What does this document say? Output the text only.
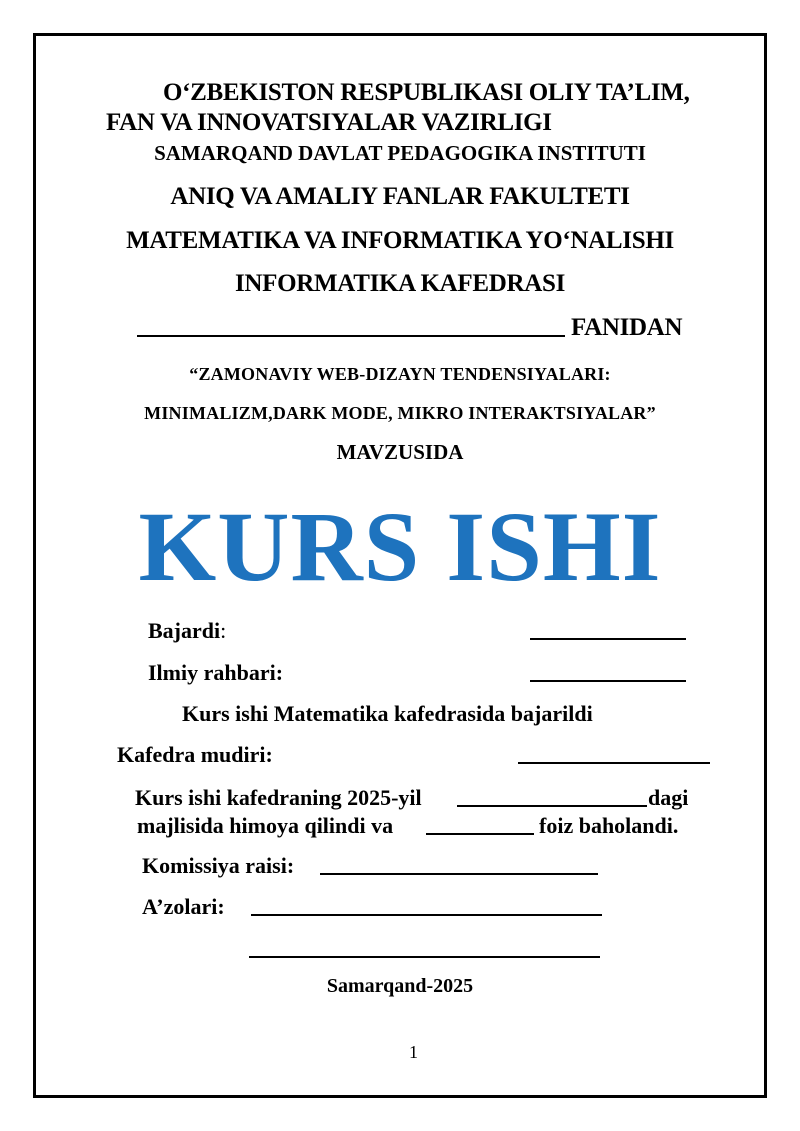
O‘ZBEKISTON RESPUBLIKASI OLIY TA’LIM,
FAN VA INNOVATSIYALAR VAZIRLIGI
SAMARQAND DAVLAT PEDAGOGIKA INSTITUTI
ANIQ VA AMALIY FANLAR FAKULTETI
MATEMATIKA VA INFORMATIKA YO‘NALISHI
INFORMATIKA KAFEDRASI
FANIDAN
“ZAMONAVIY WEB-DIZAYN TENDENSIYALARI:
MINIMALIZM,DARK MODE, MIKRO INTERAKTSIYALAR”
MAVZUSIDA
KURS ISHI
Bajardi:
Ilmiy rahbari:
Kurs ishi Matematika kafedrasida bajarildi
Kafedra mudiri:
Kurs ishi kafedraning 2025-yil	dagi
majlisida himoya qilindi va	foiz baholandi.
Komissiya raisi:
A’zolari:
Samarqand-2025
1
